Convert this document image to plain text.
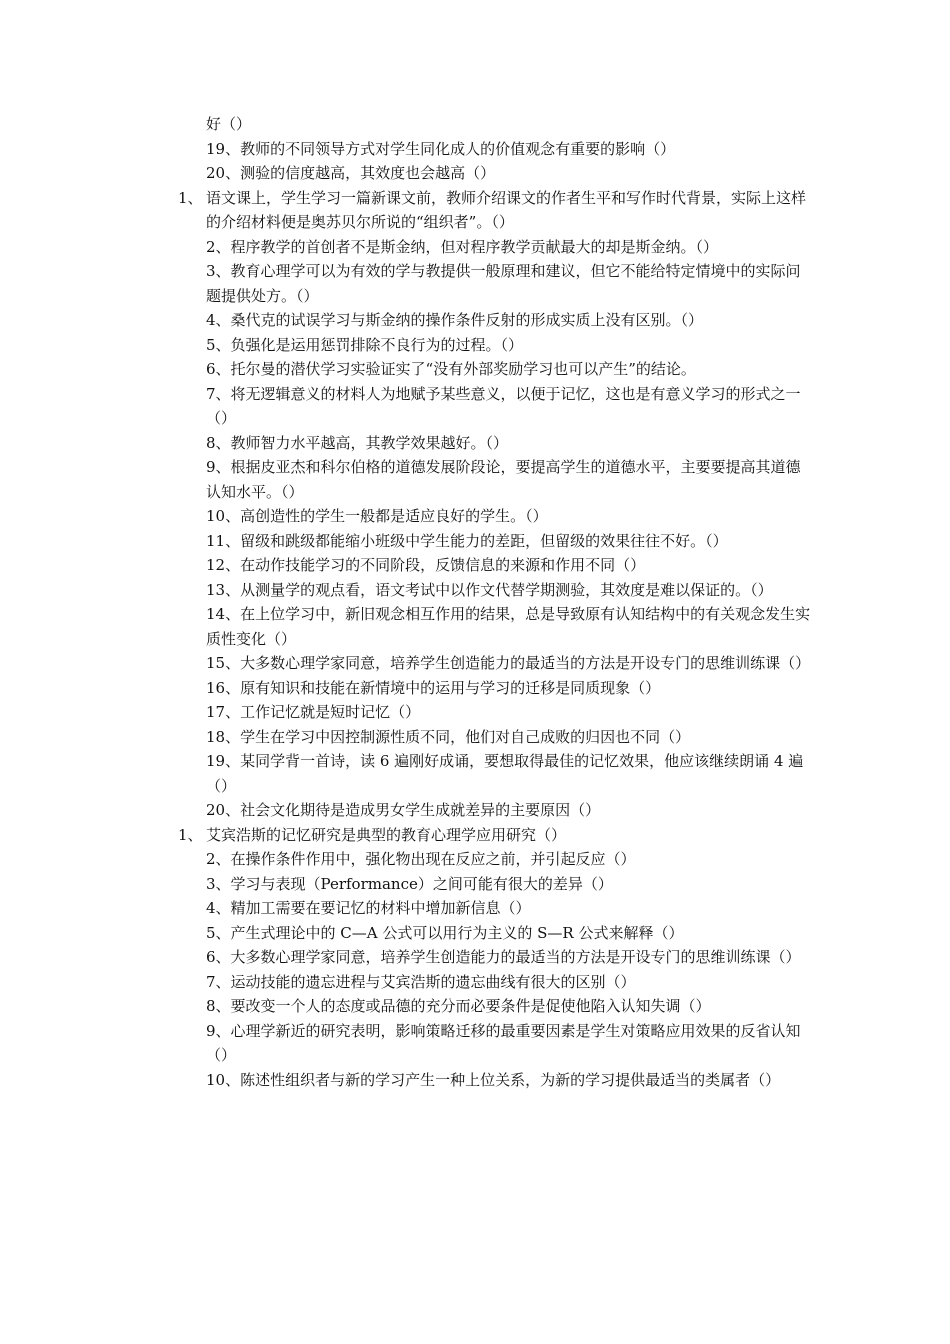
好（）
19、教师的不同领导方式对学生同化成人的价值观念有重要的影响（）
20、测验的信度越高，其效度也会越高（）
1、 语文课上，学生学习一篇新课文前，教师介绍课文的作者生平和写作时代背景，实际上这样的介绍材料便是奥苏贝尔所说的“组织者”。（）
2、程序教学的首创者不是斯金纳，但对程序教学贡献最大的却是斯金纳。（）
3、教育心理学可以为有效的学与教提供一般原理和建议，但它不能给特定情境中的实际问题提供处方。（）
4、桑代克的试误学习与斯金纳的操作条件反射的形成实质上没有区别。（）
5、负强化是运用惩罚排除不良行为的过程。（）
6、托尔曼的潜伏学习实验证实了“没有外部奖励学习也可以产生”的结论。
7、将无逻辑意义的材料人为地赋予某些意义，以便于记忆，这也是有意义学习的形式之一（）
8、教师智力水平越高，其教学效果越好。（）
9、根据皮亚杰和科尔伯格的道德发展阶段论，要提高学生的道德水平，主要要提高其道德认知水平。（）
10、高创造性的学生一般都是适应良好的学生。（）
11、留级和跳级都能缩小班级中学生能力的差距，但留级的效果往往不好。（）
12、在动作技能学习的不同阶段，反馈信息的来源和作用不同（）
13、从测量学的观点看，语文考试中以作文代替学期测验，其效度是难以保证的。（）
14、在上位学习中，新旧观念相互作用的结果，总是导致原有认知结构中的有关观念发生实质性变化（）
15、大多数心理学家同意，培养学生创造能力的最适当的方法是开设专门的思维训练课（）
16、原有知识和技能在新情境中的运用与学习的迁移是同质现象（）
17、工作记忆就是短时记忆（）
18、学生在学习中因控制源性质不同，他们对自己成败的归因也不同（）
19、某同学背一首诗，读 6 遍刚好成诵，要想取得最佳的记忆效果，他应该继续朗诵 4 遍（）
20、社会文化期待是造成男女学生成就差异的主要原因（）
1、 艾宾浩斯的记忆研究是典型的教育心理学应用研究（）
2、在操作条件作用中，强化物出现在反应之前，并引起反应（）
3、学习与表现（Performance）之间可能有很大的差异（）
4、精加工需要在要记忆的材料中增加新信息（）
5、产生式理论中的 C—A 公式可以用行为主义的 S—R 公式来解释（）
6、大多数心理学家同意，培养学生创造能力的最适当的方法是开设专门的思维训练课（）
7、运动技能的遗忘进程与艾宾浩斯的遗忘曲线有很大的区别（）
8、要改变一个人的态度或品德的充分而必要条件是促使他陷入认知失调（）
9、心理学新近的研究表明，影响策略迁移的最重要因素是学生对策略应用效果的反省认知（）
10、陈述性组织者与新的学习产生一种上位关系，为新的学习提供最适当的类属者（）
